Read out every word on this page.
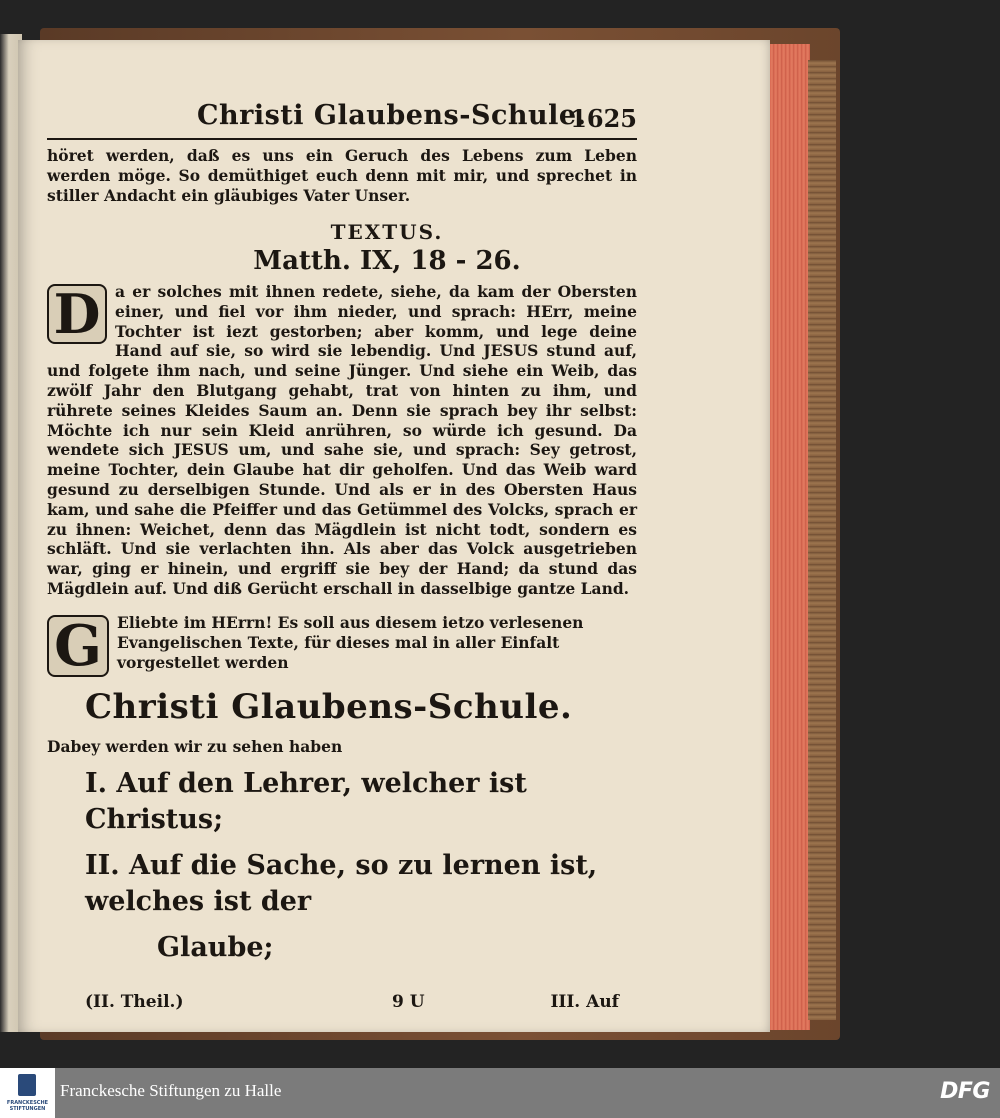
Christi Glaubens-Schule.
1625

höret werden, daß es uns ein Geruch des Lebens zum Leben werden möge. So demüthiget euch denn mit mir, und sprechet in stiller Andacht ein gläubiges Vater Unser.

TEXTUS.
Matth. IX, 18 - 26.
D a er solches mit ihnen redete, siehe, da kam der Obersten einer, und fiel vor ihm nieder, und sprach: HErr, meine Tochter ist iezt gestorben; aber komm, und lege deine Hand auf sie, so wird sie lebendig. Und JESUS stund auf, und folgete ihm nach, und seine Jünger. Und siehe ein Weib, das zwölf Jahr den Blutgang gehabt, trat von hinten zu ihm, und rührete seines Kleides Saum an. Denn sie sprach bey ihr selbst: Möchte ich nur sein Kleid anrühren, so würde ich gesund. Da wendete sich JESUS um, und sahe sie, und sprach: Sey getrost, meine Tochter, dein Glaube hat dir geholfen. Und das Weib ward gesund zu derselbigen Stunde. Und als er in des Obersten Haus kam, und sahe die Pfeiffer und das Getümmel des Volcks, sprach er zu ihnen: Weichet, denn das Mägdlein ist nicht todt, sondern es schläft. Und sie verlachten ihn. Als aber das Volck ausgetrieben war, ging er hinein, und ergriff sie bey der Hand; da stund das Mägdlein auf. Und diß Gerücht erschall in dasselbige gantze Land.
G Eliebte im HErrn! Es soll aus diesem ietzo verlesenen Evangelischen Texte, für dieses mal in aller Einfalt vorgestellet werden
Christi Glaubens-Schule.
Dabey werden wir zu sehen haben
I. Auf den Lehrer, welcher ist Christus;
II. Auf die Sache, so zu lernen ist, welches ist der
Glaube;
(II. Theil.)	9 U	III. Auf
FRANCKESCHE STIFTUNGEN
Franckesche Stiftungen zu Halle	DFG
